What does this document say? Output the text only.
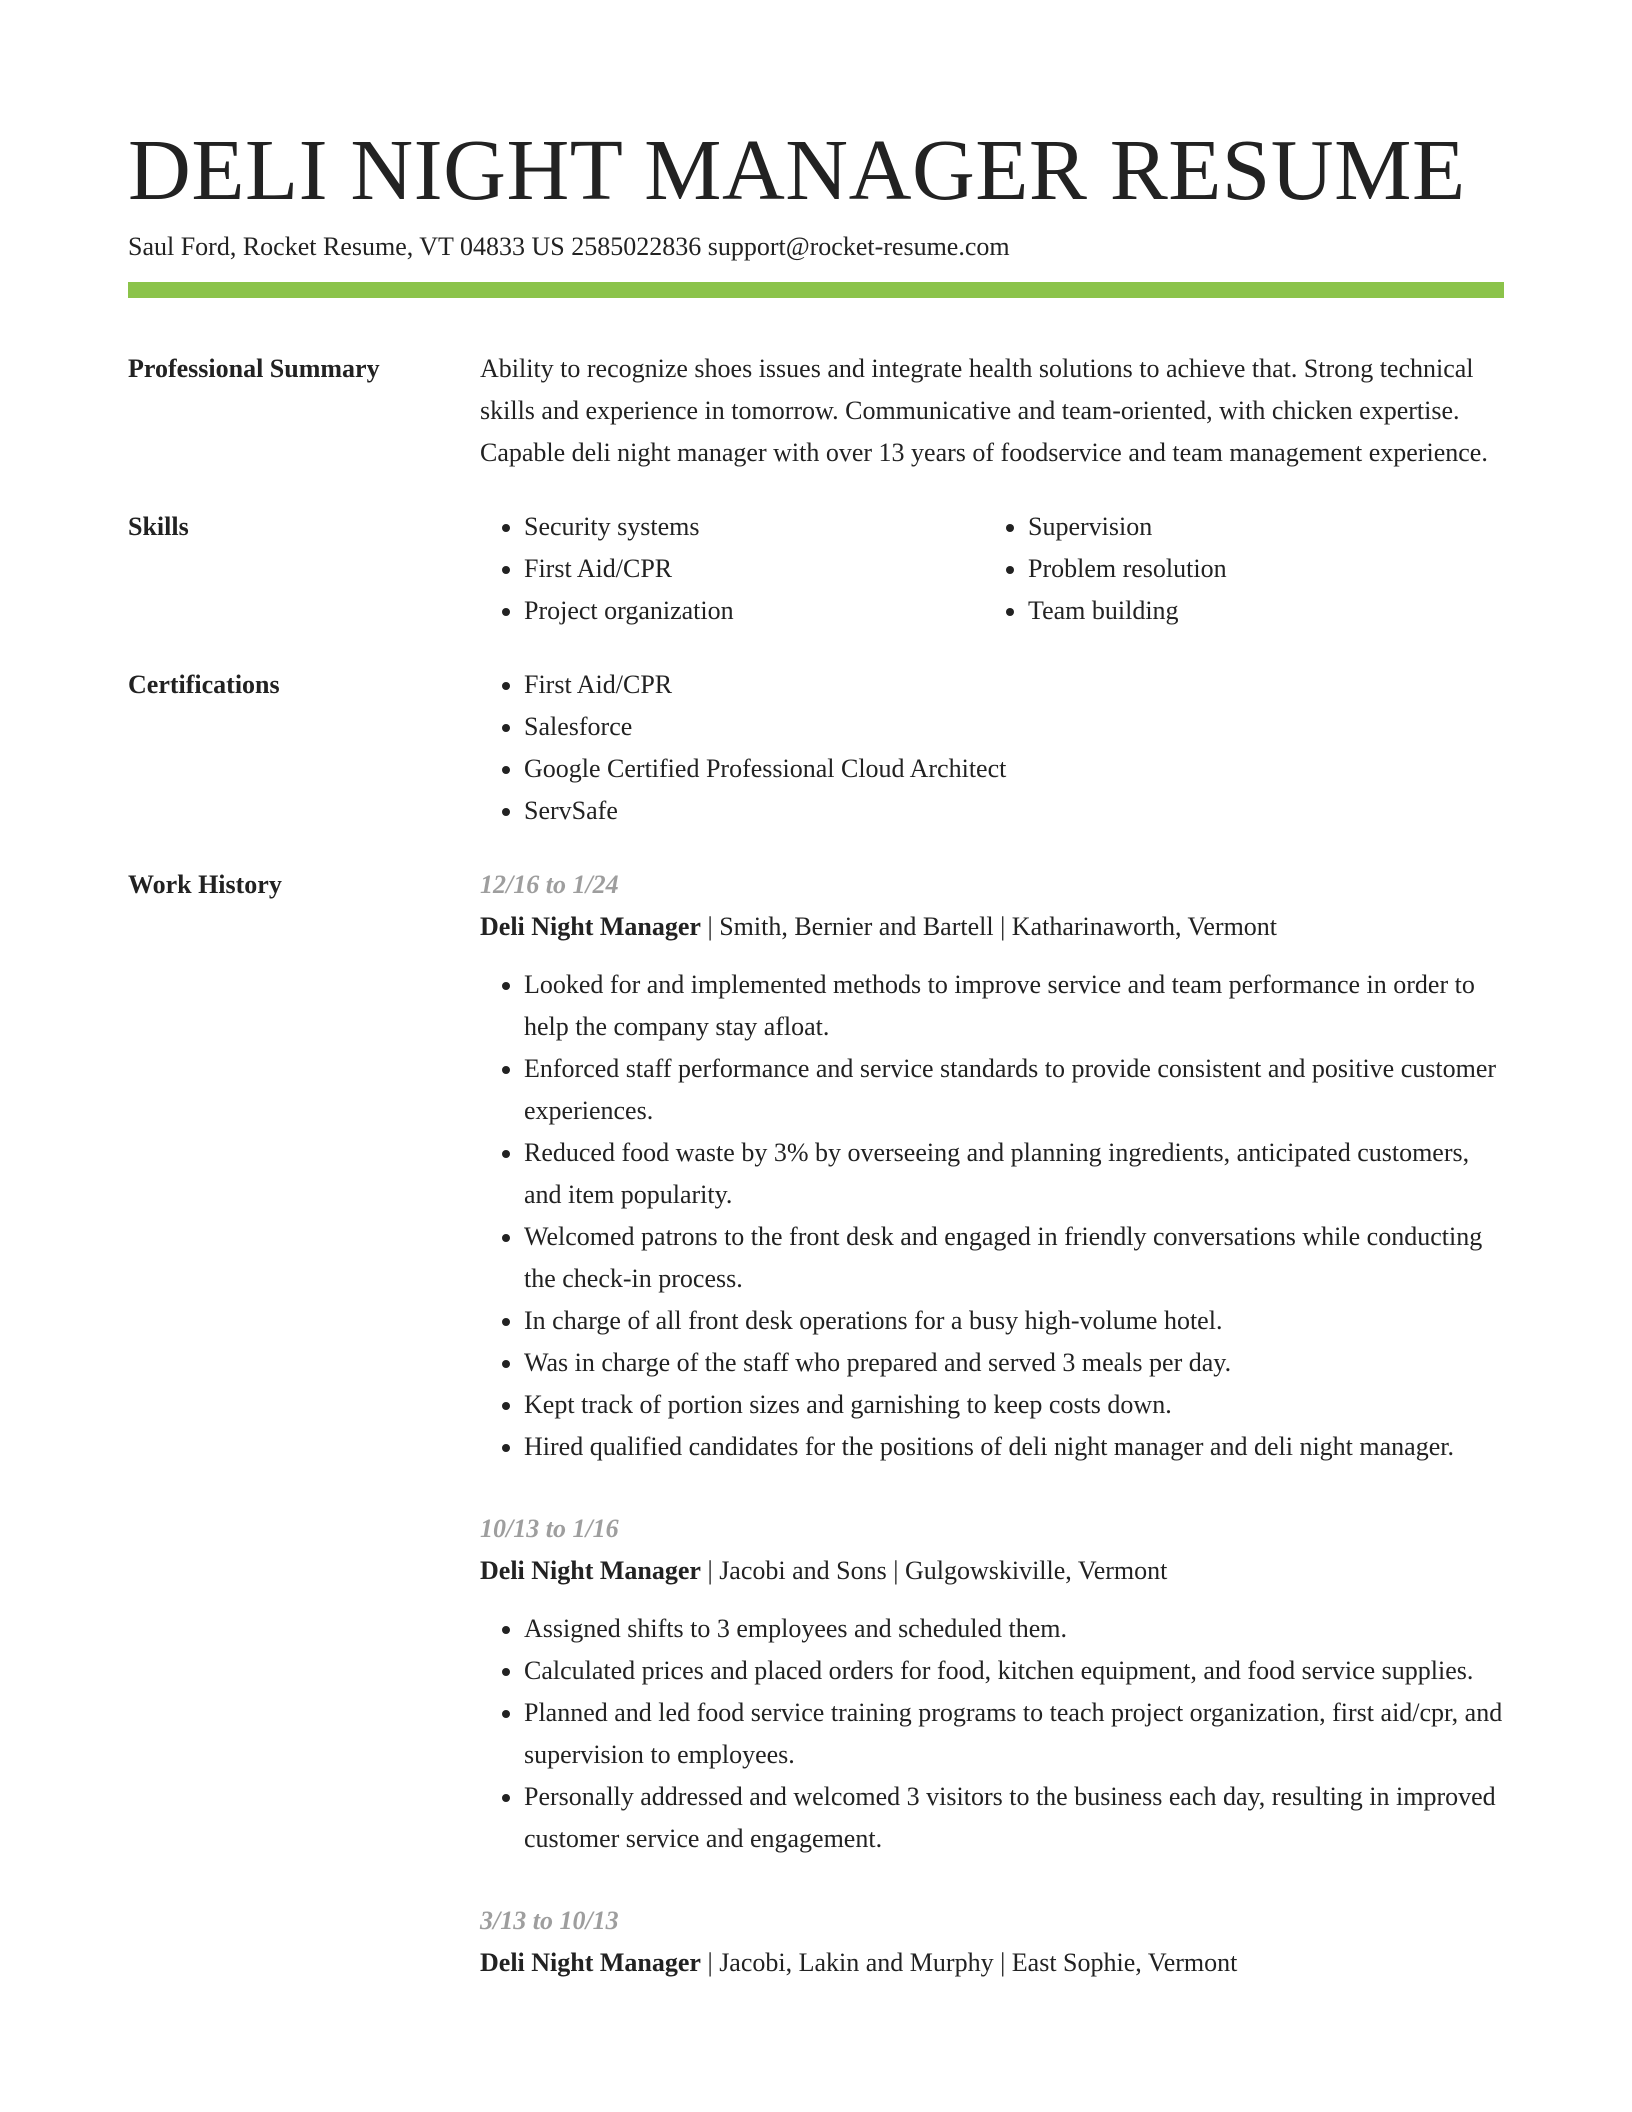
DELI NIGHT MANAGER RESUME
Saul Ford, Rocket Resume, VT 04833 US 2585022836 support@rocket-resume.com
Professional Summary	Ability to recognize shoes issues and integrate health solutions to achieve that. Strong technical skills and experience in tomorrow. Communicative and team-oriented, with chicken expertise. Capable deli night manager with over 13 years of foodservice and team management experience.

Skills	• Security systems
• First Aid/CPR
• Project organization
• Supervision
• Problem resolution
• Team building
Certifications	• First Aid/CPR
• Salesforce
• Google Certified Professional Cloud Architect
• ServSafe
Work History	12/16 to 1/24
Deli Night Manager | Smith, Bernier and Bartell | Katharinaworth, Vermont
• Looked for and implemented methods to improve service and team performance in order to help the company stay afloat.
• Enforced staff performance and service standards to provide consistent and positive customer experiences.
• Reduced food waste by 3% by overseeing and planning ingredients, anticipated customers, and item popularity.
• Welcomed patrons to the front desk and engaged in friendly conversations while conducting the check-in process.
• In charge of all front desk operations for a busy high-volume hotel.
• Was in charge of the staff who prepared and served 3 meals per day.
• Kept track of portion sizes and garnishing to keep costs down.
• Hired qualified candidates for the positions of deli night manager and deli night manager.
10/13 to 1/16
Deli Night Manager | Jacobi and Sons | Gulgowskiville, Vermont
• Assigned shifts to 3 employees and scheduled them.
• Calculated prices and placed orders for food, kitchen equipment, and food service supplies.
• Planned and led food service training programs to teach project organization, first aid/cpr, and supervision to employees.
• Personally addressed and welcomed 3 visitors to the business each day, resulting in improved customer service and engagement.
3/13 to 10/13
Deli Night Manager | Jacobi, Lakin and Murphy | East Sophie, Vermont
